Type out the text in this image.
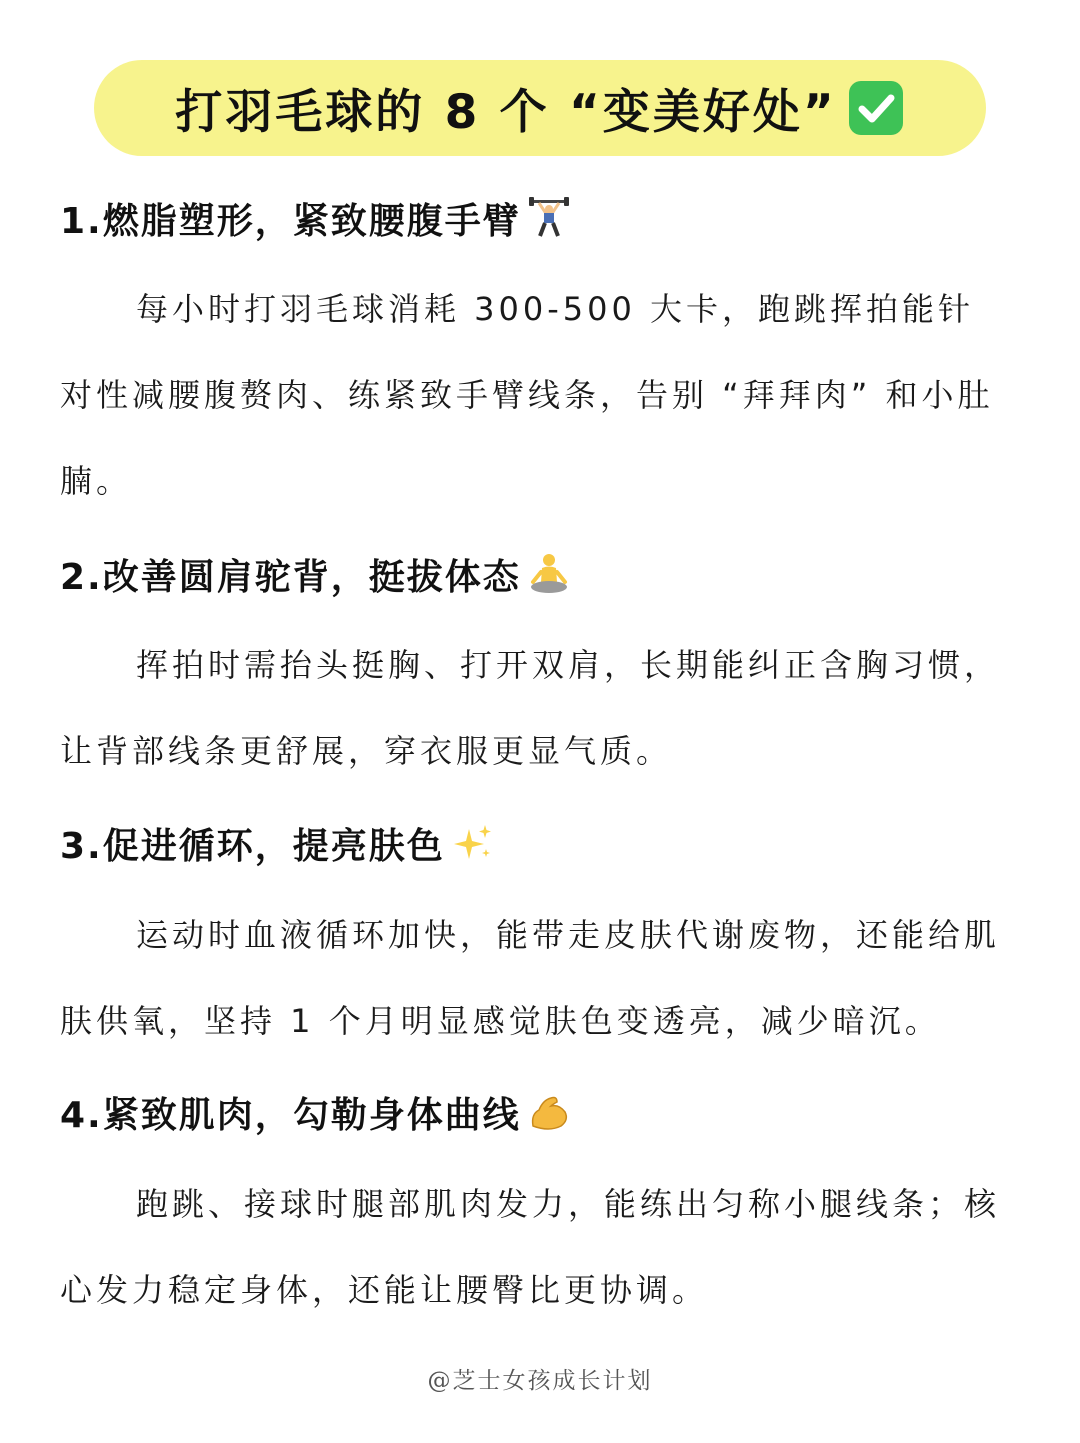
打羽毛球的 8 个 “变美好处”
1.燃脂塑形，紧致腰腹手臂

每小时打羽毛球消耗 300-500 大卡，跑跳挥拍能针对性减腰腹赘肉、练紧致手臂线条，告别 “拜拜肉” 和小肚腩。

2.改善圆肩驼背，挺拔体态

挥拍时需抬头挺胸、打开双肩，长期能纠正含胸习惯，让背部线条更舒展，穿衣服更显气质。

3.促进循环，提亮肤色

运动时血液循环加快，能带走皮肤代谢废物，还能给肌肤供氧，坚持 1 个月明显感觉肤色变透亮，减少暗沉。

4.紧致肌肉，勾勒身体曲线

跑跳、接球时腿部肌肉发力，能练出匀称小腿线条；核心发力稳定身体，还能让腰臀比更协调。

@芝士女孩成长计划
